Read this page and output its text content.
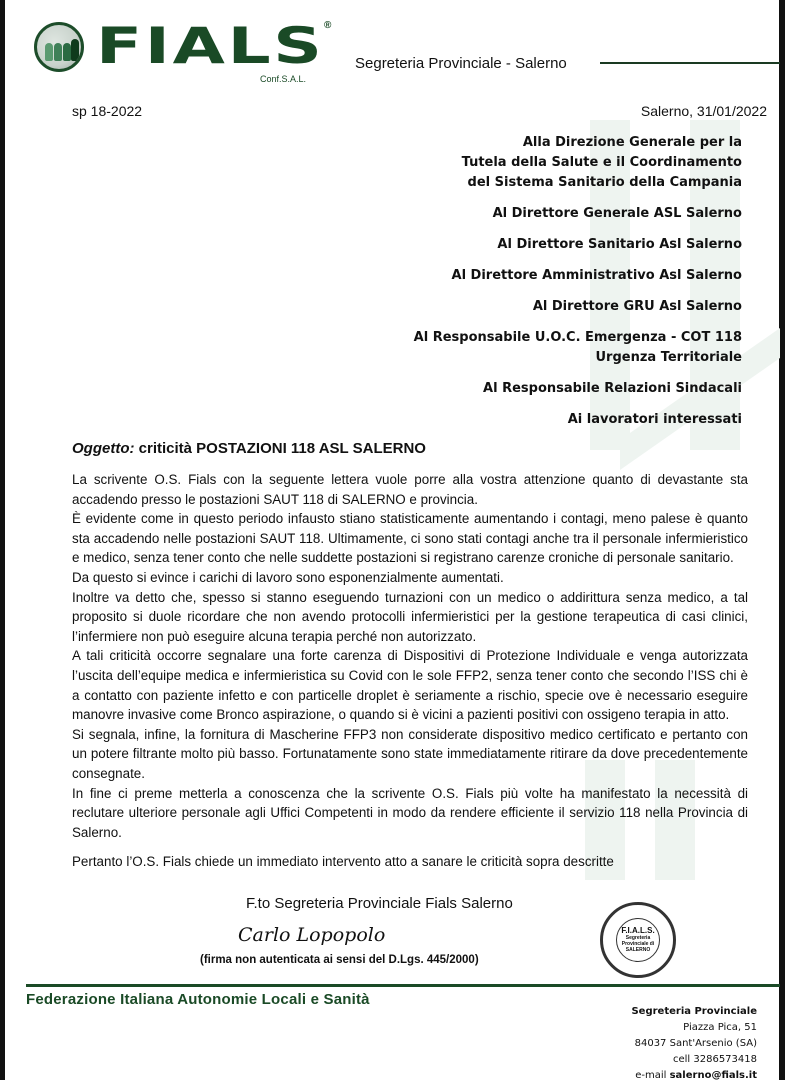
FIALS ®
Conf.S.A.L.
Segreteria Provinciale - Salerno
sp 18-2022	Salerno, 31/01/2022
Alla Direzione Generale per la
Tutela della Salute e il Coordinamento
del Sistema Sanitario della Campania
Al Direttore Generale ASL Salerno
Al Direttore Sanitario Asl Salerno
Al Direttore Amministrativo Asl Salerno
Al Direttore GRU Asl Salerno
Al Responsabile U.O.C. Emergenza - COT 118
Urgenza Territoriale
Al Responsabile Relazioni Sindacali
Ai lavoratori interessati
Oggetto: criticità POSTAZIONI 118 ASL SALERNO

La scrivente O.S. Fials con la seguente lettera vuole porre alla vostra attenzione quanto di devastante sta accadendo presso le postazioni SAUT 118 di SALERNO e provincia.

È evidente come in questo periodo infausto stiano statisticamente aumentando i contagi, meno palese è quanto sta accadendo nelle postazioni SAUT 118. Ultimamente, ci sono stati contagi anche tra il personale infermieristico e medico, senza tener conto che nelle suddette postazioni si registrano carenze croniche di personale sanitario.

Da questo si evince i carichi di lavoro sono esponenzialmente aumentati.

Inoltre va detto che, spesso si stanno eseguendo turnazioni con un medico o addirittura senza medico, a tal proposito si duole ricordare che non avendo protocolli infermieristici per la gestione terapeutica di casi clinici, l’infermiere non può eseguire alcuna terapia perché non autorizzato.

A tali criticità occorre segnalare una forte carenza di Dispositivi di Protezione Individuale e venga autorizzata l’uscita dell’equipe medica e infermieristica su Covid con le sole FFP2, senza tener conto che secondo l’ISS chi è a contatto con paziente infetto e con particelle droplet è seriamente a rischio, specie ove è necessario eseguire manovre invasive come Bronco aspirazione, o quando si è vicini a pazienti positivi con ossigeno terapia in atto.

Si segnala, infine, la fornitura di Mascherine FFP3 non considerate dispositivo medico certificato e pertanto con un potere filtrante molto più basso. Fortunatamente sono state immediatamente ritirare da dove precedentemente consegnate.

In fine ci preme metterla a conoscenza che la scrivente O.S. Fials più volte ha manifestato la necessità di reclutare ulteriore personale agli Uffici Competenti in modo da rendere efficiente il servizio 118 nella Provincia di Salerno.

Pertanto l’O.S. Fials chiede un immediato intervento atto a sanare le criticità sopra descritte

F.to Segreteria Provinciale Fials Salerno
Carlo Lopopolo
(firma non autenticata ai sensi del D.Lgs. 445/2000)
F.I.A.L.S.
Segreteria
Provinciale di
SALERNO
Federazione Italiana Autonomie Locali e Sanità
Segreteria Provinciale
Piazza Pica, 51
84037 Sant'Arsenio (SA)
cell 3286573418
e-mail salerno@fials.it
